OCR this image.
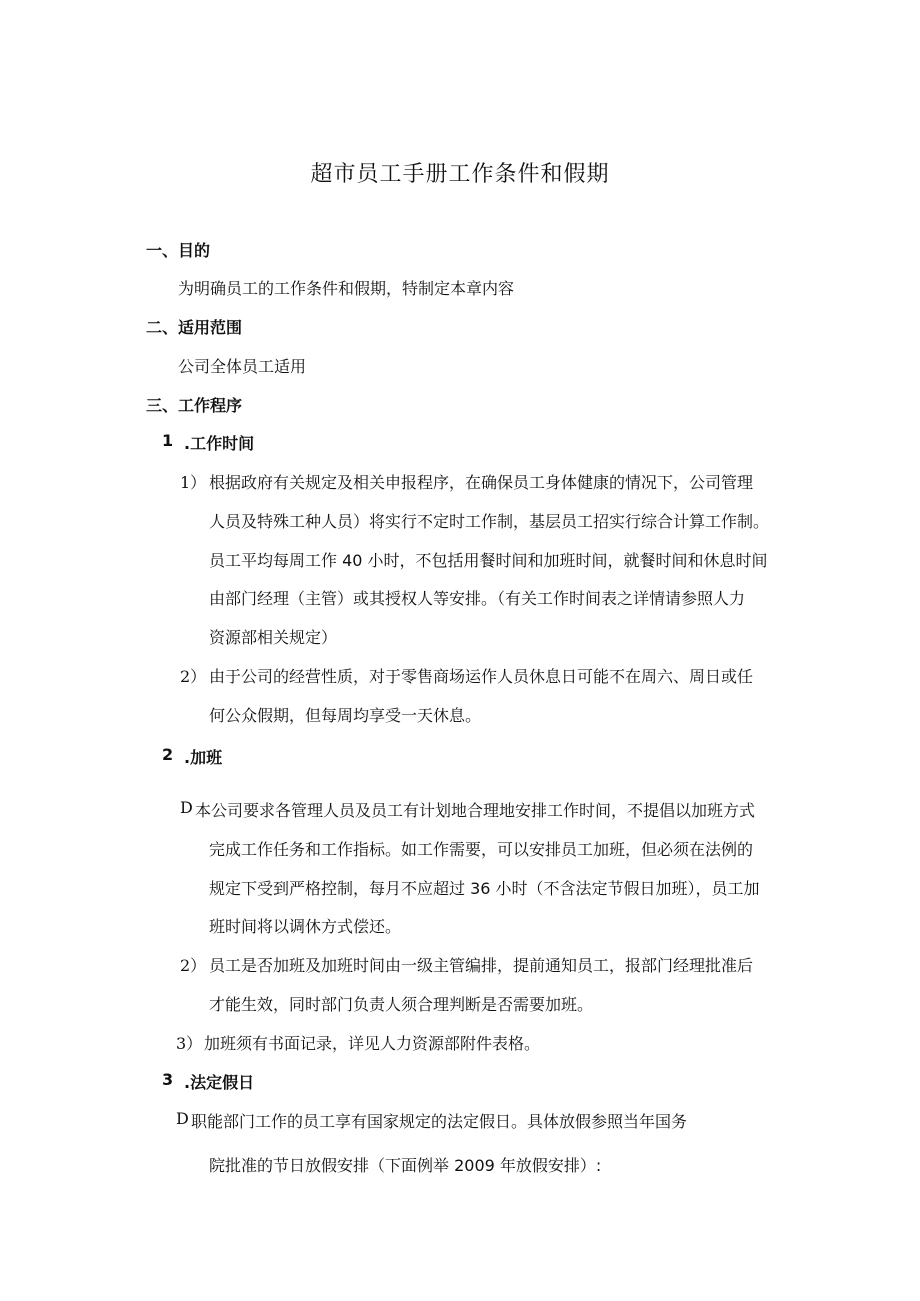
超市员工手册工作条件和假期
一、目的
为明确员工的工作条件和假期，特制定本章内容
二、适用范围
公司全体员工适用
三、工作程序
1 .工作时间
1） 根据政府有关规定及相关申报程序，在确保员工身体健康的情况下，公司管理
人员及特殊工种人员）将实行不定时工作制，基层员工招实行综合计算工作制。
员工平均每周工作 40 小时，不包括用餐时间和加班时间，就餐时间和休息时间
由部门经理（主管）或其授权人等安排。（有关工作时间表之详情请参照人力
资源部相关规定）
2） 由于公司的经营性质，对于零售商场运作人员休息日可能不在周六、周日或任
何公众假期，但每周均享受一天休息。
2 .加班
D 本公司要求各管理人员及员工有计划地合理地安排工作时间，不提倡以加班方式
完成工作任务和工作指标。如工作需要，可以安排员工加班，但必须在法例的
规定下受到严格控制，每月不应超过 36 小时（不含法定节假日加班），员工加
班时间将以调休方式偿还。
2） 员工是否加班及加班时间由一级主管编排，提前通知员工，报部门经理批准后
才能生效，同时部门负责人须合理判断是否需要加班。
3） 加班须有书面记录，详见人力资源部附件表格。
3 .法定假日
D 职能部门工作的员工享有国家规定的法定假日。具体放假参照当年国务
院批准的节日放假安排（下面例举 2009 年放假安排）:
